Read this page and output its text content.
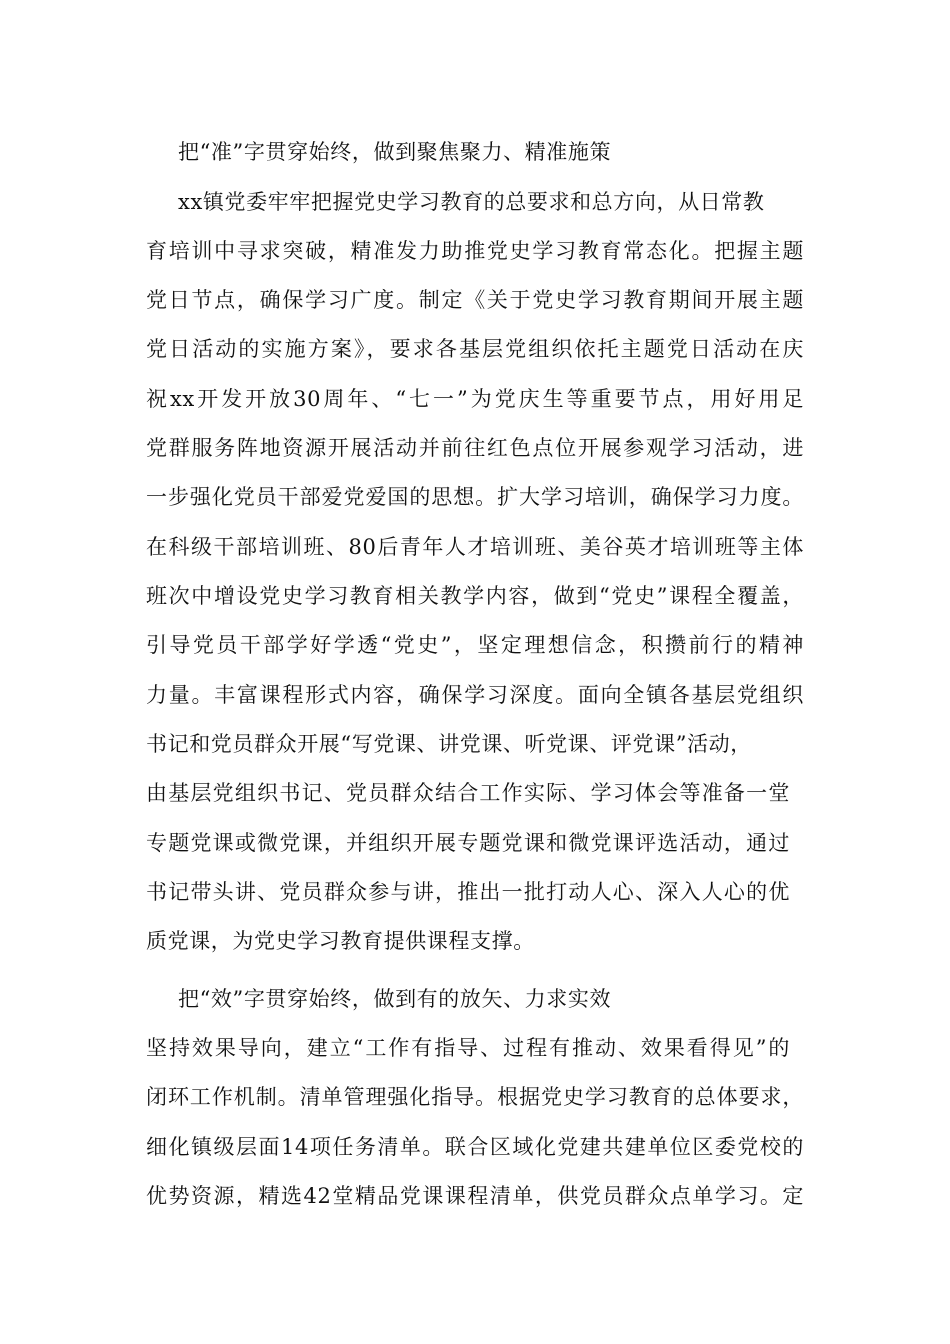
把“准”字贯穿始终，做到聚焦聚力、精准施策
xx镇党委牢牢把握党史学习教育的总要求和总方向，从日常教
育培训中寻求突破，精准发力助推党史学习教育常态化。把握主题
党日节点，确保学习广度。制定《关于党史学习教育期间开展主题
党日活动的实施方案》，要求各基层党组织依托主题党日活动在庆
祝xx开发开放30周年、“七一”为党庆生等重要节点，用好用足
党群服务阵地资源开展活动并前往红色点位开展参观学习活动，进
一步强化党员干部爱党爱国的思想。扩大学习培训，确保学习力度。
在科级干部培训班、80后青年人才培训班、美谷英才培训班等主体
班次中增设党史学习教育相关教学内容，做到“党史”课程全覆盖，
引导党员干部学好学透“党史”，坚定理想信念，积攒前行的精神
力量。丰富课程形式内容，确保学习深度。面向全镇各基层党组织
书记和党员群众开展“写党课、讲党课、听党课、评党课”活动，
由基层党组织书记、党员群众结合工作实际、学习体会等准备一堂
专题党课或微党课，并组织开展专题党课和微党课评选活动，通过
书记带头讲、党员群众参与讲，推出一批打动人心、深入人心的优
质党课，为党史学习教育提供课程支撑。
把“效”字贯穿始终，做到有的放矢、力求实效
坚持效果导向，建立“工作有指导、过程有推动、效果看得见”的
闭环工作机制。清单管理强化指导。根据党史学习教育的总体要求，
细化镇级层面14项任务清单。联合区域化党建共建单位区委党校的
优势资源，精选42堂精品党课课程清单，供党员群众点单学习。定
